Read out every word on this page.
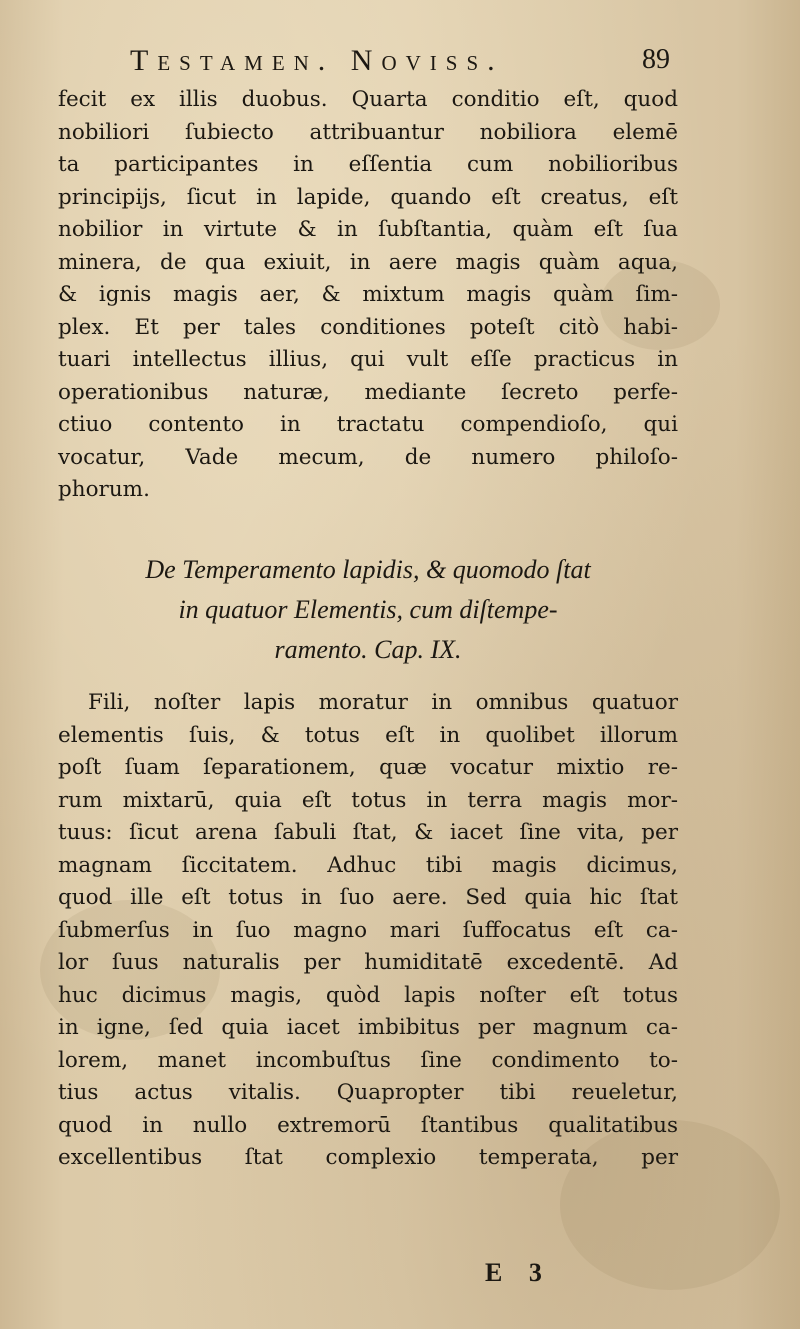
Testamen. Noviss.	89
fecit ex illis duobus. Quarta conditio eſt, quod
nobiliori ſubiecto attribuantur nobiliora elemē
ta participantes in eſſentia cum nobilioribus
principijs, ſicut in lapide, quando eſt creatus, eſt
nobilior in virtute & in ſubſtantia, quàm eſt ſua
minera, de qua exiuit, in aere magis quàm aqua,
& ignis magis aer, & mixtum magis quàm ſim-
plex. Et per tales conditiones poteſt citò habi-
tuari intellectus illius, qui vult eſſe practicus in
operationibus naturæ, mediante ſecreto perfe-
ctiuo contento in tractatu compendioſo, qui
vocatur, Vade mecum, de numero philoſo-
phorum.
De Temperamento lapidis, & quomodo ſtat
in quatuor Elementis, cum diſtempe-
ramento. Cap. IX.
Fili, noſter lapis moratur in omnibus quatuor
elementis ſuis, & totus eſt in quolibet illorum
poſt ſuam ſeparationem, quæ vocatur mixtio re-
rum mixtarū, quia eſt totus in terra magis mor-
tuus: ſicut arena ſabuli ſtat, & iacet ſine vita, per
magnam ſiccitatem. Adhuc tibi magis dicimus,
quod ille eſt totus in ſuo aere. Sed quia hic ſtat
ſubmerſus in ſuo magno mari ſuffocatus eſt ca-
lor ſuus naturalis per humiditatē excedentē. Ad
huc dicimus magis, quòd lapis noſter eſt totus
in igne, ſed quia iacet imbibitus per magnum ca-
lorem, manet incombuſtus ſine condimento to-
tius actus vitalis. Quapropter tibi reueletur,
quod in nullo extremorū ſtantibus qualitatibus
excellentibus ſtat complexio temperata, per
E 3
